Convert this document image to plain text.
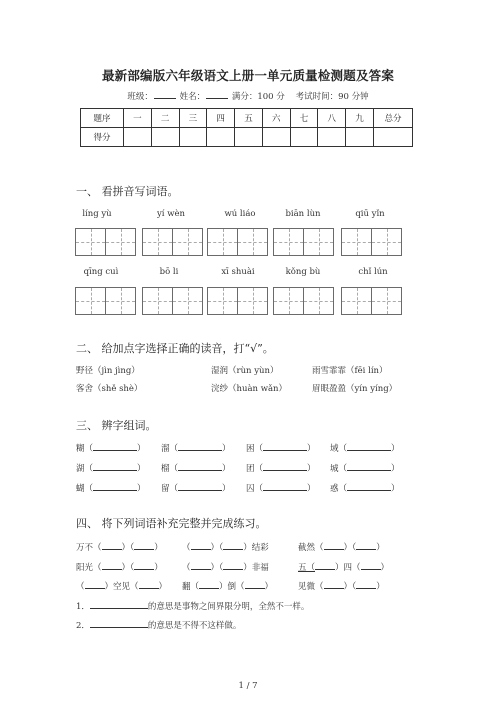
最新部编版六年级语文上册一单元质量检测题及答案
班级：	姓名：	满分：100 分 考试时间：90 分钟
题序	一	二	三	四	五	六	七	八	九	总分
得分										
一、 看拼音写词语。
líng yù	yí wèn	wú liáo	biān lùn	qiū yǐn
qīng cuì	bō li	xī shuài	kǒng bù	chǐ lún
二、 给加点字选择正确的读音，打“√”。
野径（jìn jìng）	湿润（rùn yùn）	雨雪霏霏（fēi lín）
客舍（shě shè）	浣纱（huàn wǎn）	眉眼盈盈（yín yíng）
三、 辨字组词。
糊（	） 溜（	） 困（	） 域（	）
湖（	） 榴（	） 团（	） 城（	）
蝴（	） 留（	） 囚（	） 惑（	）
四、 将下列词语补充完整并完成练习。
万不（ ）（ ） （ ）（ ）结彩	截然（ ）（ ）
阳光（ ）（ ） （ ）（ ）非福	五（ ）四（ ）
（ ）空见（ ） 翻（ ）倒（ ）	见微（ ）（ ）
1．	的意思是事物之间界限分明，全然不一样。
2．	的意思是不得不这样做。
1 / 7
